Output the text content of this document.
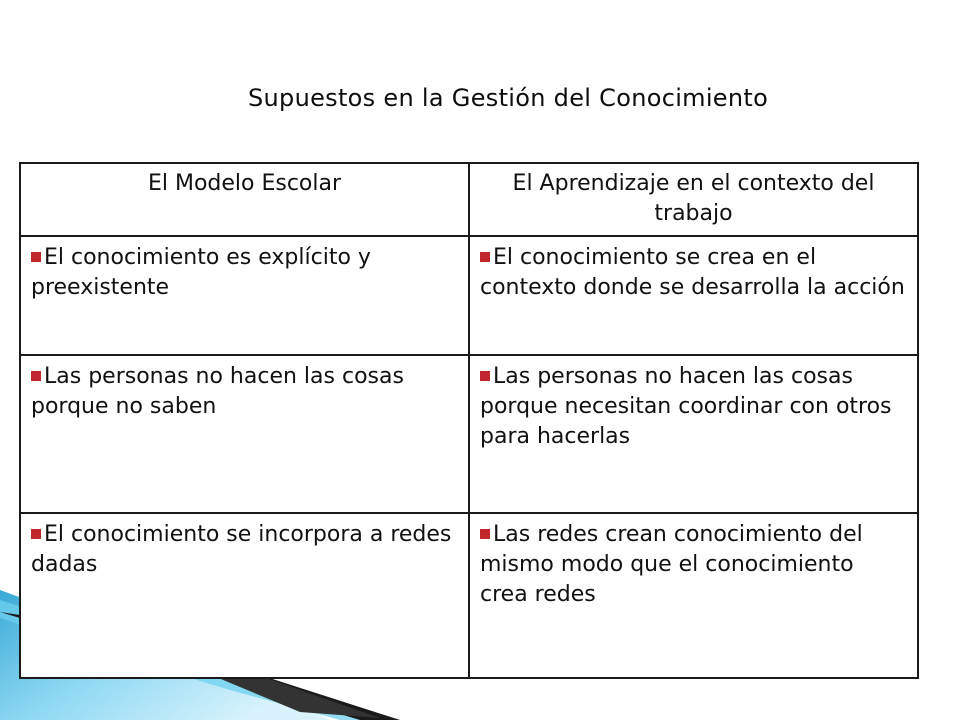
Supuestos en la Gestión del Conocimiento
El Modelo Escolar	El Aprendizaje en el contexto del trabajo
El conocimiento es explícito y preexistente	El conocimiento se crea en el contexto donde se desarrolla la acción
Las personas no hacen las cosas porque no saben	Las personas no hacen las cosas porque necesitan coordinar con otros para hacerlas
El conocimiento se incorpora a redes dadas	Las redes crean conocimiento del mismo modo que el conocimiento crea redes
